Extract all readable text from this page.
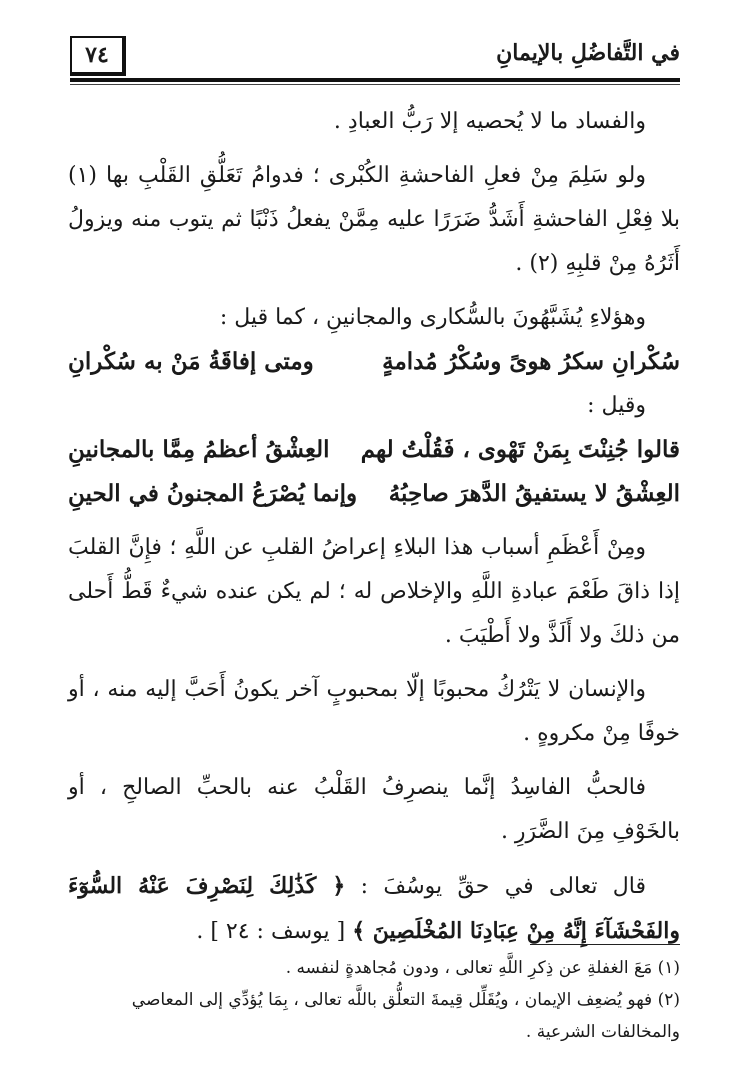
٧٤	في التَّفاضُلِ بالإيمانِ

والفساد ما لا يُحصيه إلا رَبُّ العبادِ .

ولو سَلِمَ مِنْ فعلِ الفاحشةِ الكُبْرى ؛ فدوامُ تَعَلُّقِ القَلْبِ بها (١) بلا فِعْلِ الفاحشةِ أَشَدُّ ضَرَرًا عليه مِمَّنْ يفعلُ ذَنْبًا ثم يتوب منه ويزولُ أَثَرُهُ مِنْ قلبِهِ (٢) .

وهؤلاءِ يُشَبَّهُونَ بالسُّكارى والمجانينِ ، كما قيل :

سُكْرانِ سكرُ هوىً وسُكْرُ مُدامةٍ
ومتى إفاقَةُ مَنْ به سُكْرانِ

وقيل :

قالوا جُنِنْتَ بِمَنْ تَهْوى ، فَقُلْتُ لهم
العِشْقُ أعظمُ مِمَّا بالمجانينِ
العِشْقُ لا يستفيقُ الدَّهرَ صاحِبُهُ
وإنما يُصْرَعُ المجنونُ في الحينِ

ومِنْ أَعْظَمِ أسباب هذا البلاءِ إعراضُ القلبِ عن اللَّهِ ؛ فإِنَّ القلبَ إذا ذاقَ طَعْمَ عبادةِ اللَّهِ والإخلاص له ؛ لم يكن عنده شيءٌ قَطُّ أَحلى من ذلكَ ولا أَلَذَّ ولا أَطْيَبَ .

والإنسان لا يَتْرُكُ محبوبًا إلّا بمحبوبٍ آخر يكونُ أَحَبَّ إليه منه ، أو خوفًا مِنْ مكروهٍ .

فالحبُّ الفاسِدُ إنَّما ينصرِفُ القَلْبُ عنه بالحبِّ الصالحِ ، أو بالخَوْفِ مِنَ الضَّرَرِ .

قال تعالى في حقِّ يوسُفَ : ﴿ كَذَٰلِكَ لِنَصْرِفَ عَنْهُ السُّوٓءَ والفَحْشَآءَ إِنَّهُ مِنْ عِبَادِنَا المُخْلَصِينَ ﴾ [ يوسف : ٢٤ ] .

(١) مَعَ الغفلةِ عن ذِكرِ اللَّهِ تعالى ، ودون مُجاهدةٍ لنفسه .

(٢) فهو يُضعِف الإيمان ، ويُقَلِّل قِيمةَ التعلُّق باللَّه تعالى ، بِمَا يُؤدِّي إلى المعاصي والمخالفات الشرعية .
